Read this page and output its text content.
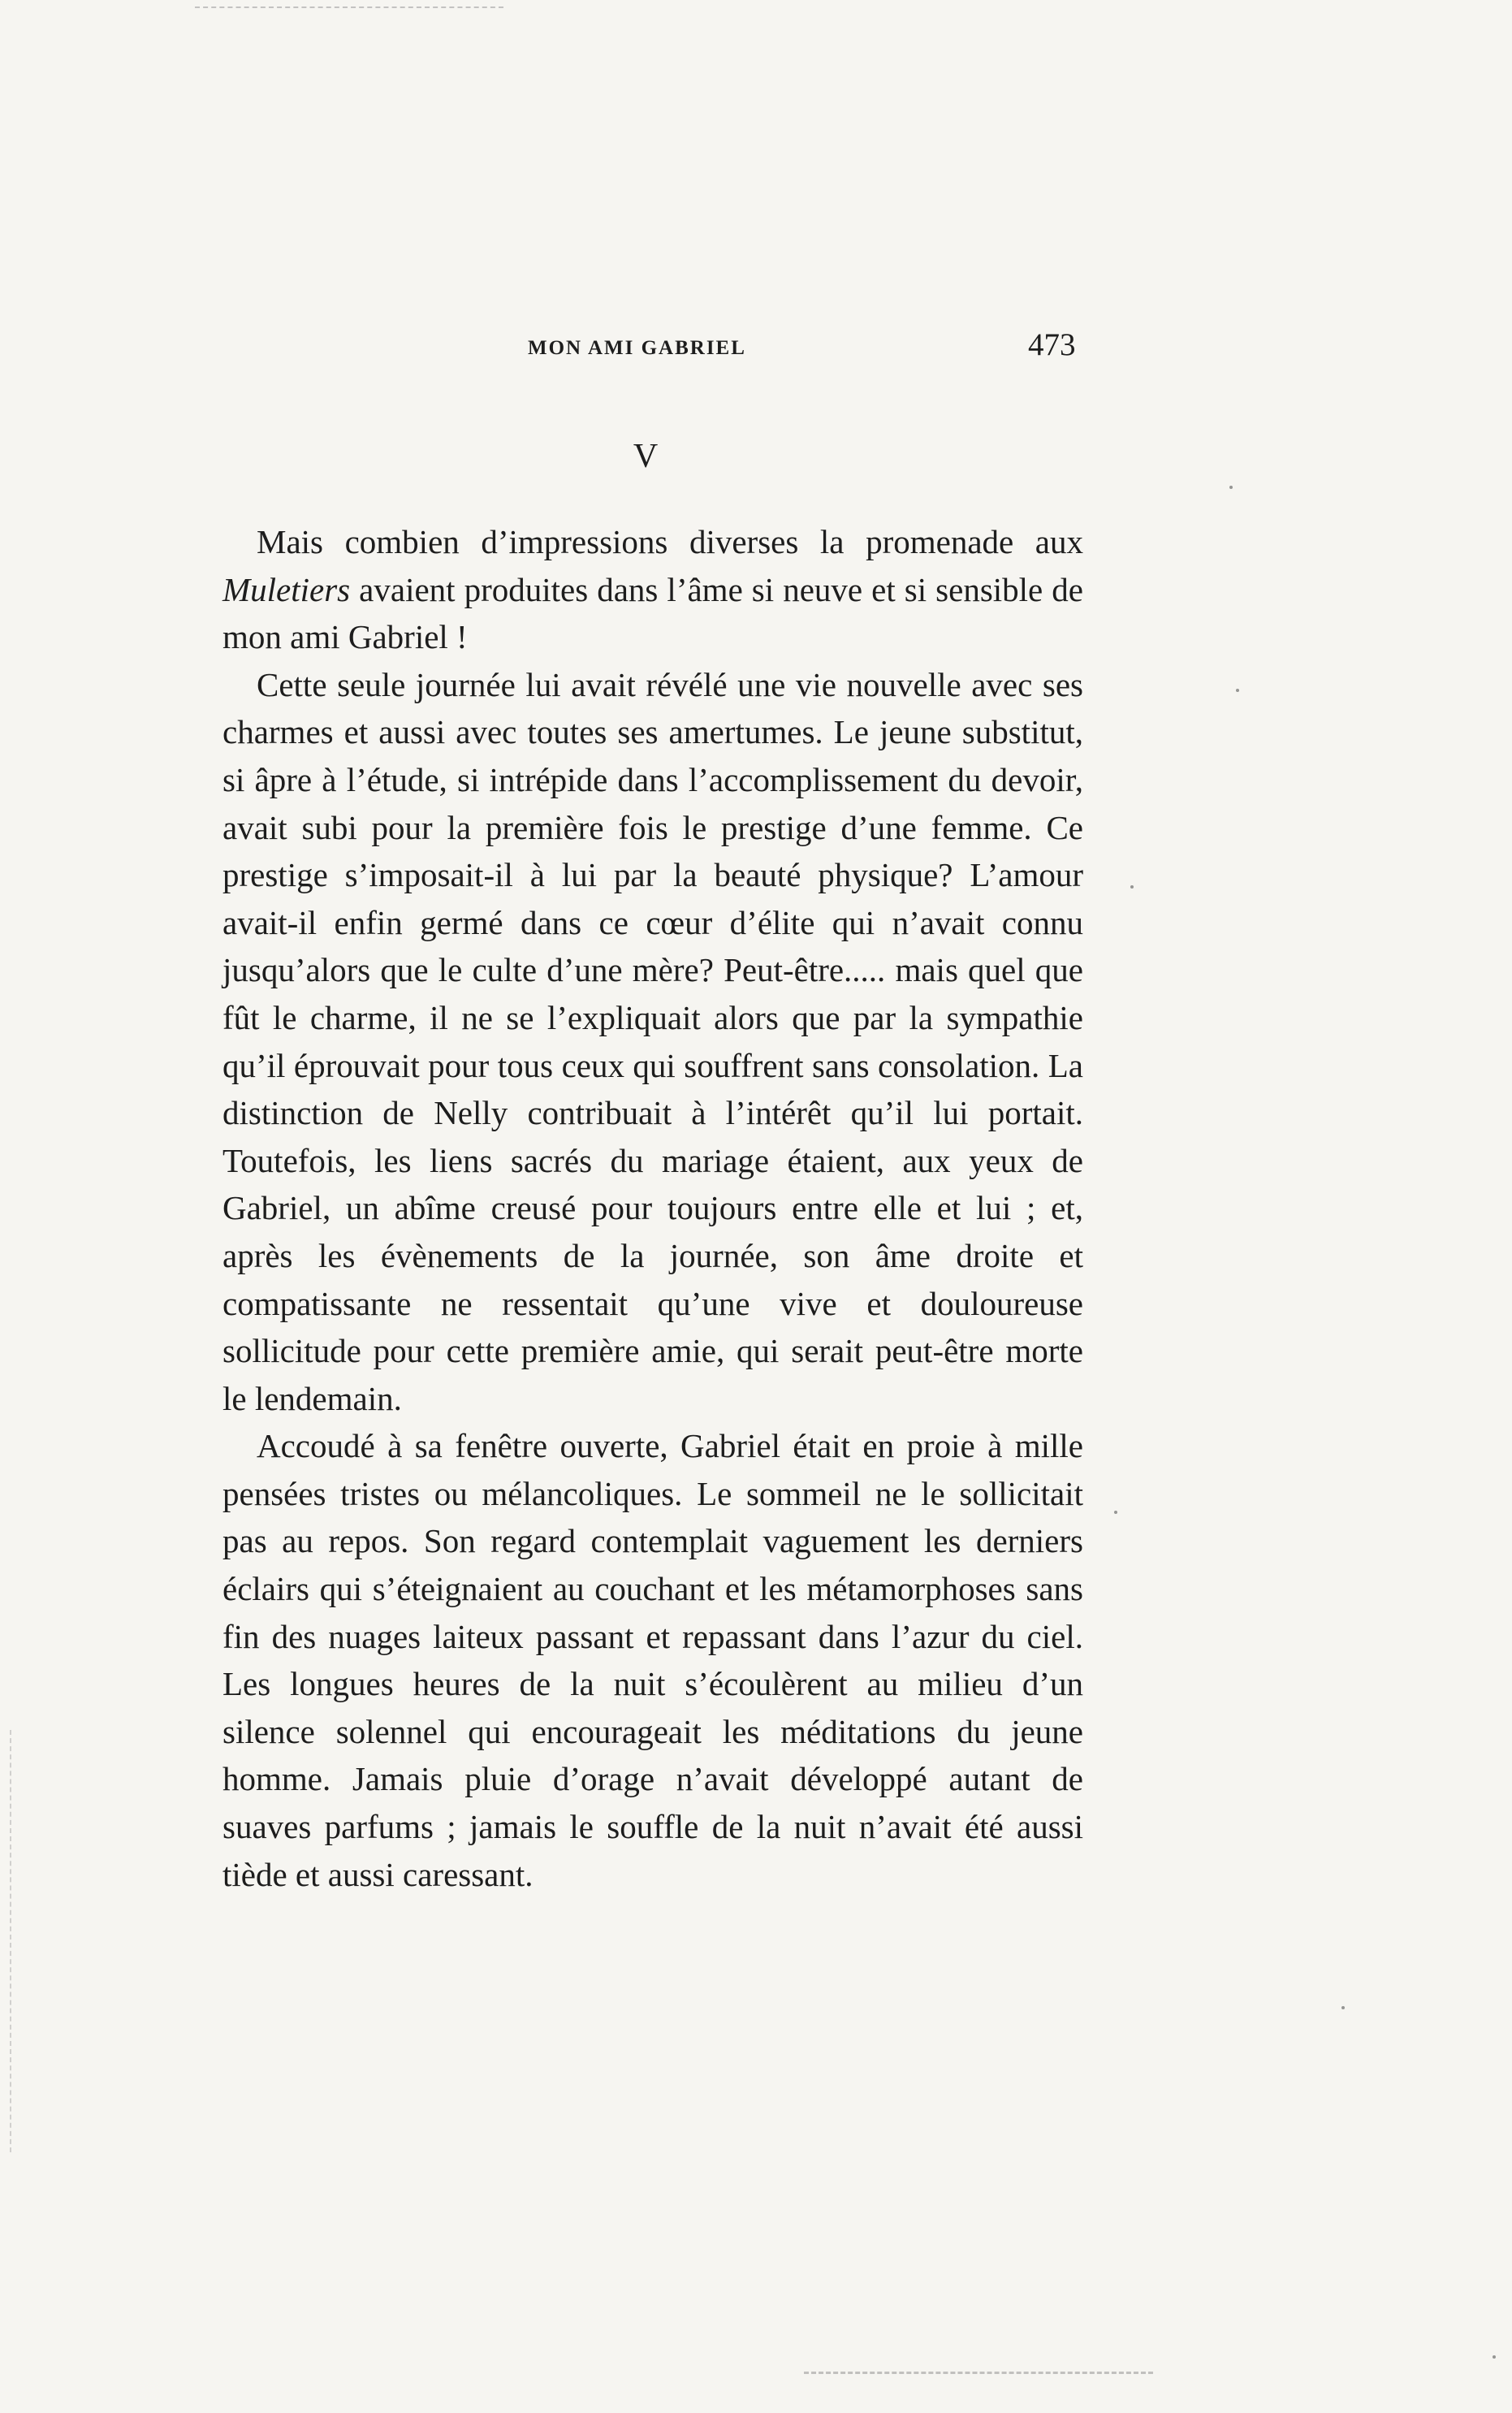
MON AMI GABRIEL	473
V

Mais combien d’impressions diverses la promenade aux Muletiers avaient produites dans l’âme si neuve et si sensible de mon ami Gabriel !

Cette seule journée lui avait révélé une vie nouvelle avec ses charmes et aussi avec toutes ses amertumes. Le jeune substitut, si âpre à l’étude, si intrépide dans l’accomplissement du devoir, avait subi pour la première fois le prestige d’une femme. Ce prestige s’imposait-il à lui par la beauté physique? L’amour avait-il enfin germé dans ce cœur d’élite qui n’avait connu jusqu’alors que le culte d’une mère? Peut-être..... mais quel que fût le charme, il ne se l’expliquait alors que par la sympathie qu’il éprouvait pour tous ceux qui souffrent sans consolation. La distinction de Nelly contribuait à l’intérêt qu’il lui portait. Toutefois, les liens sacrés du mariage étaient, aux yeux de Gabriel, un abîme creusé pour toujours entre elle et lui ; et, après les évènements de la journée, son âme droite et compatissante ne ressentait qu’une vive et douloureuse sollicitude pour cette première amie, qui serait peut-être morte le lendemain.

Accoudé à sa fenêtre ouverte, Gabriel était en proie à mille pensées tristes ou mélancoliques. Le sommeil ne le sollicitait pas au repos. Son regard contemplait vaguement les derniers éclairs qui s’éteignaient au couchant et les métamorphoses sans fin des nuages laiteux passant et repassant dans l’azur du ciel. Les longues heures de la nuit s’écoulèrent au milieu d’un silence solennel qui encourageait les méditations du jeune homme. Jamais pluie d’orage n’avait développé autant de suaves parfums ; jamais le souffle de la nuit n’avait été aussi tiède et aussi caressant.
